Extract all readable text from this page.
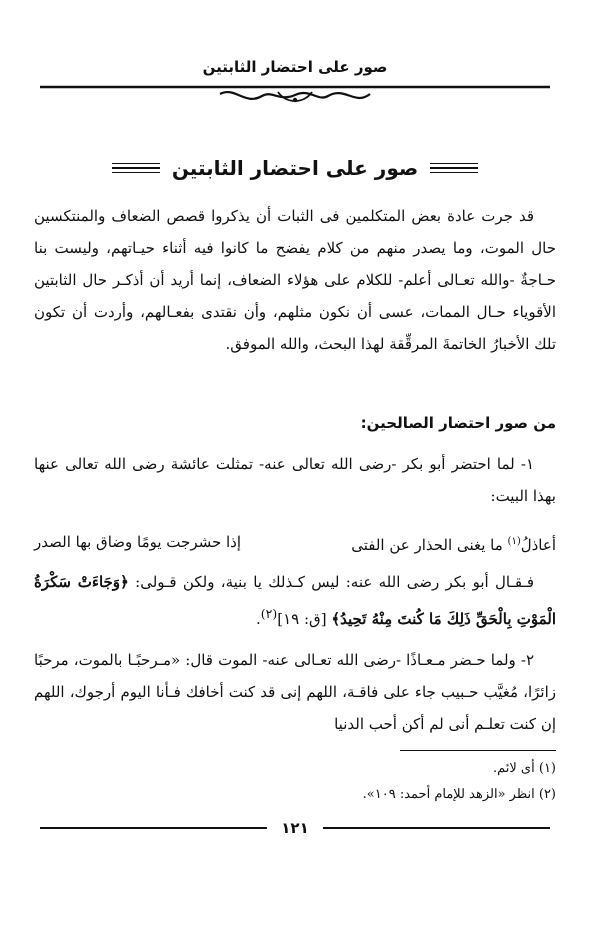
صور على احتضار الثابتين
صور على احتضار الثابتين

قد جرت عادة بعض المتكلمين فى الثبات أن يذكروا قصص الضعاف والمنتكسين حال الموت، وما يصدر منهم من كلام يفضح ما كانوا فيه أثناء حيـاتهم، وليست بنا حـاجةٌ -والله تعـالى أعلم- للكلام على هؤلاء الضعاف، إنما أريد أن أذكـر حال الثابتين الأقوياء حـال الممات، عسى أن نكون مثلهم، وأن نقتدى بفعـالهم، وأردت أن تكون تلك الأخبارُ الخاتمةَ المرقِّقة لهذا البحث، والله الموفق.

من صور احتضار الصالحين:

١- لما احتضر أبو بكر -رضى الله تعالى عنه- تمثلت عائشة رضى الله تعالى عنها بهذا البيت:

أعاذلُ$^{(١)}$ ما يغنى الحذار عن الفتى
إذا حشرجت يومًا وضاق بها الصدر

فـقـال أبو بكر رضى الله عنه: ليس كـذلك يا بنية، ولكن قـولى: ﴿وَجَاءَتْ سَكْرَةُ الْمَوْتِ بِالْحَقِّ ذَلِكَ مَا كُنتَ مِنْهُ تَحِيدُ﴾ [ق: ١٩]$^{(٢)}$.

٢- ولما حـضر مـعـاذًا -رضى الله تعـالى عنه- الموت قال: «مـرحبًـا بالموت، مرحبًا زائرًا، مُغيَّب حـبيب جاء على فاقـة، اللهم إنى قد كنت أخافك فـأنا اليوم أرجوك، اللهم إن كنت تعلـم أنى لم أكن أحب الدنيا

(١) أى لائم.
(٢) انظر «الزهد للإمام أحمد: ١٠٩».
١٢١
